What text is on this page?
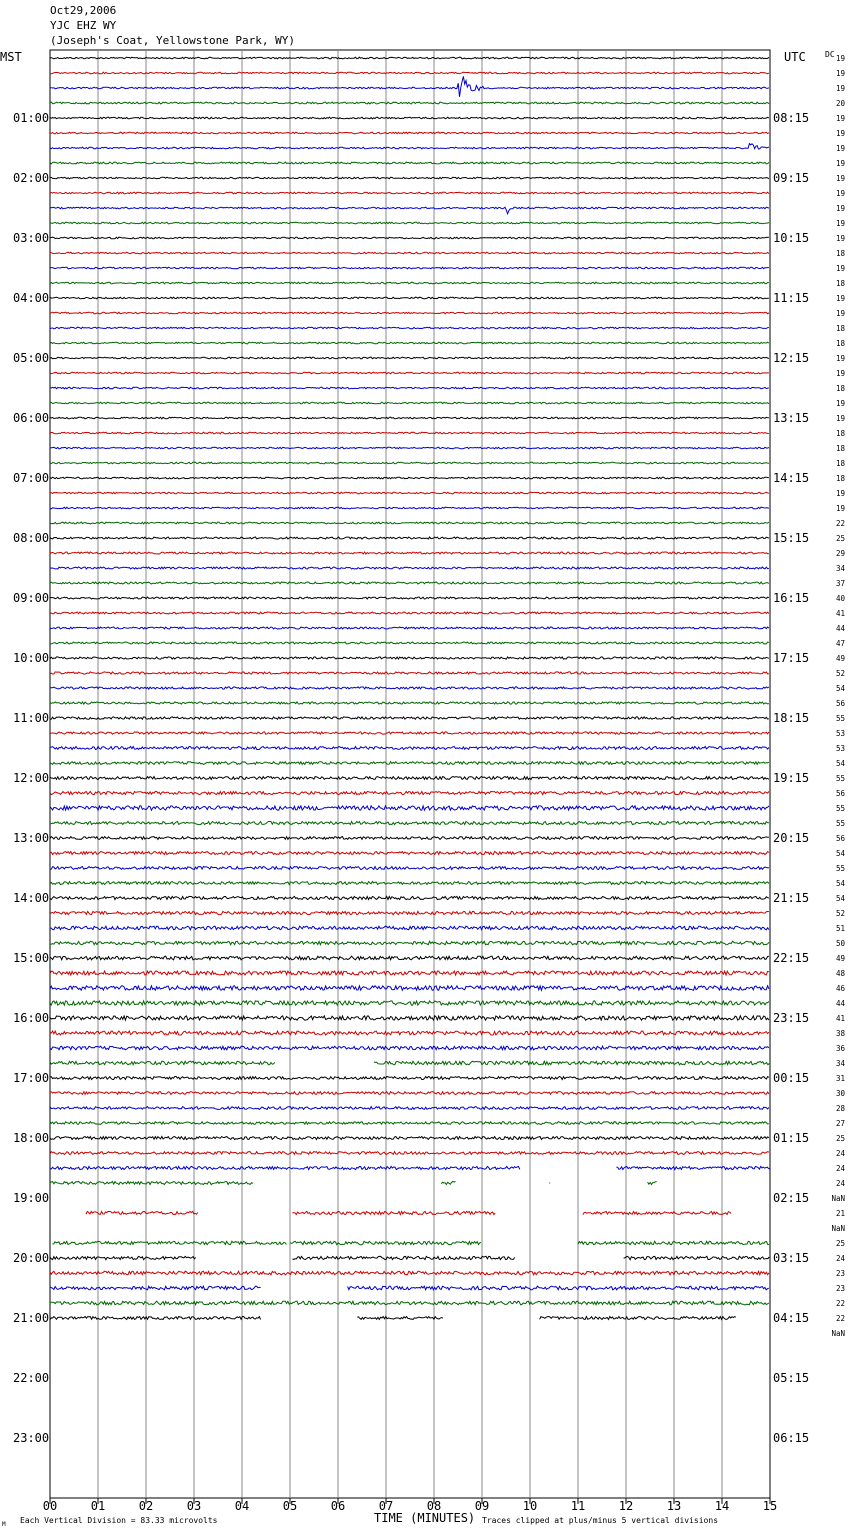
Oct29,2006
YJC EHZ WY
(Joseph's Coat, Yellowstone Park, WY)
00	01	02	03	04	05	06	07	08	09	10	11	12	13	14	15
01:00	08:15
02:00	09:15
03:00	10:15
04:00	11:15
05:00	12:15
06:00	13:15
07:00	14:15
08:00	15:15
09:00	16:15
10:00	17:15
11:00	18:15
12:00	19:15
13:00	20:15
14:00	21:15
15:00	22:15
16:00	23:15
17:00	00:15
18:00	01:15
19:00	02:15
20:00	03:15
21:00	04:15
22:00	05:15
23:00	06:15
19
19
19
20
19
19
19
19
19
19
19
19
19
18
19
18
19
19
18
18
19
19
18
19
19
18
18
18
18
19
19
22
25
29
34
37
40
41
44
47
49
52
54
56
55
53
53
54
55
56
55
55
56
54
55
54
54
52
51
50
49
48
46
44
41
38
36
34
31
30
28
27
25
24
24
24
NaN
21
NaN
25
24
23
23
22
22
NaN
MST	UTC DC
TIME (MINUTES)
Each Vertical Division = 83.33 microvolts	Traces clipped at plus/minus 5 vertical divisions
M
